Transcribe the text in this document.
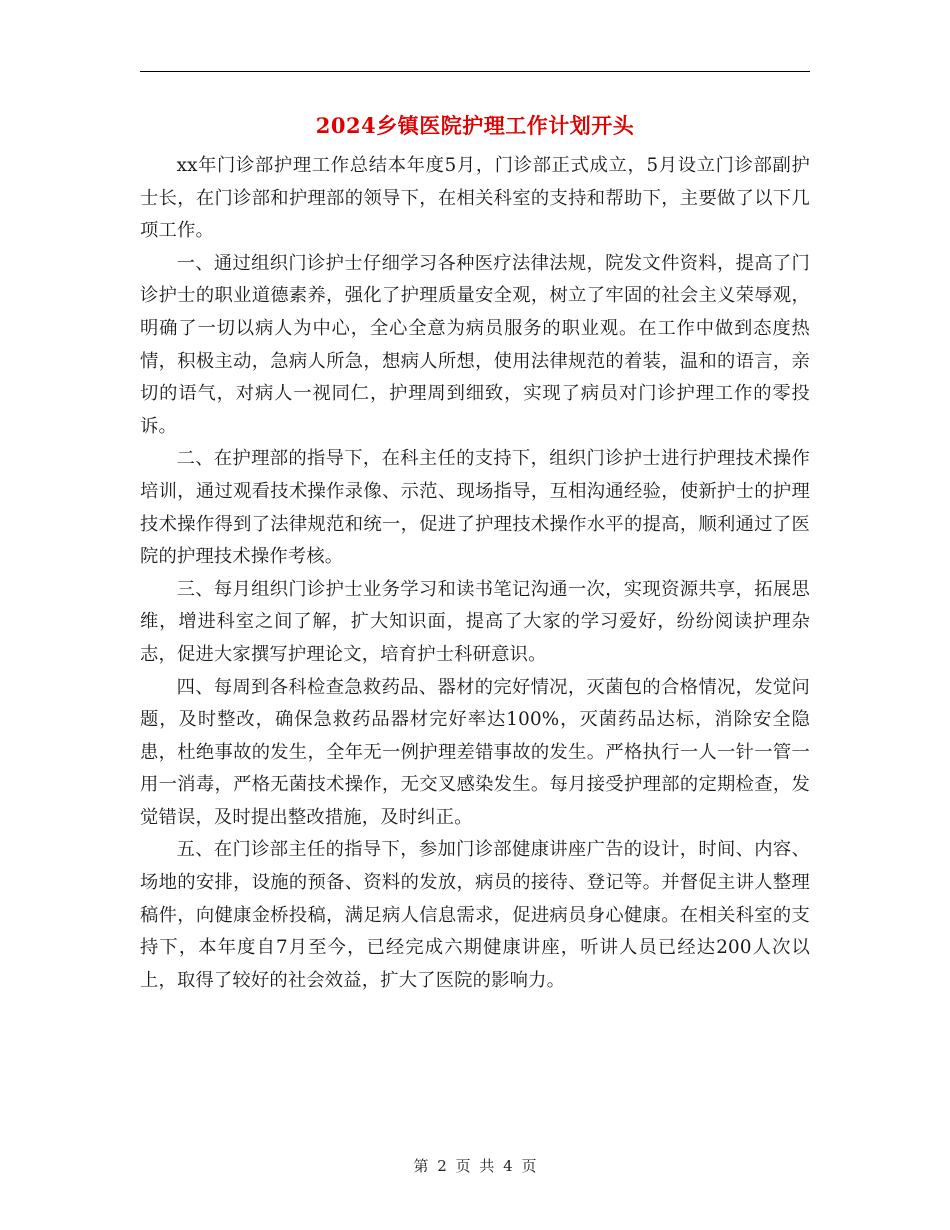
2024乡镇医院护理工作计划开头

xx年门诊部护理工作总结本年度5月，门诊部正式成立，5月设立门诊部副护士长，在门诊部和护理部的领导下，在相关科室的支持和帮助下，主要做了以下几项工作。

一、通过组织门诊护士仔细学习各种医疗法律法规，院发文件资料，提高了门诊护士的职业道德素养，强化了护理质量安全观，树立了牢固的社会主义荣辱观，明确了一切以病人为中心，全心全意为病员服务的职业观。在工作中做到态度热情，积极主动，急病人所急，想病人所想，使用法律规范的着装，温和的语言，亲切的语气，对病人一视同仁，护理周到细致，实现了病员对门诊护理工作的零投诉。

二、在护理部的指导下，在科主任的支持下，组织门诊护士进行护理技术操作培训，通过观看技术操作录像、示范、现场指导，互相沟通经验，使新护士的护理技术操作得到了法律规范和统一，促进了护理技术操作水平的提高，顺利通过了医院的护理技术操作考核。

三、每月组织门诊护士业务学习和读书笔记沟通一次，实现资源共享，拓展思维，增进科室之间了解，扩大知识面，提高了大家的学习爱好，纷纷阅读护理杂志，促进大家撰写护理论文，培育护士科研意识。

四、每周到各科检查急救药品、器材的完好情况，灭菌包的合格情况，发觉问题，及时整改，确保急救药品器材完好率达100%，灭菌药品达标，消除安全隐患，杜绝事故的发生，全年无一例护理差错事故的发生。严格执行一人一针一管一用一消毒，严格无菌技术操作，无交叉感染发生。每月接受护理部的定期检查，发觉错误，及时提出整改措施，及时纠正。

五、在门诊部主任的指导下，参加门诊部健康讲座广告的设计，时间、内容、场地的安排，设施的预备、资料的发放，病员的接待、登记等。并督促主讲人整理稿件，向健康金桥投稿，满足病人信息需求，促进病员身心健康。在相关科室的支持下，本年度自7月至今，已经完成六期健康讲座，听讲人员已经达200人次以上，取得了较好的社会效益，扩大了医院的影响力。

第 2 页 共 4 页
